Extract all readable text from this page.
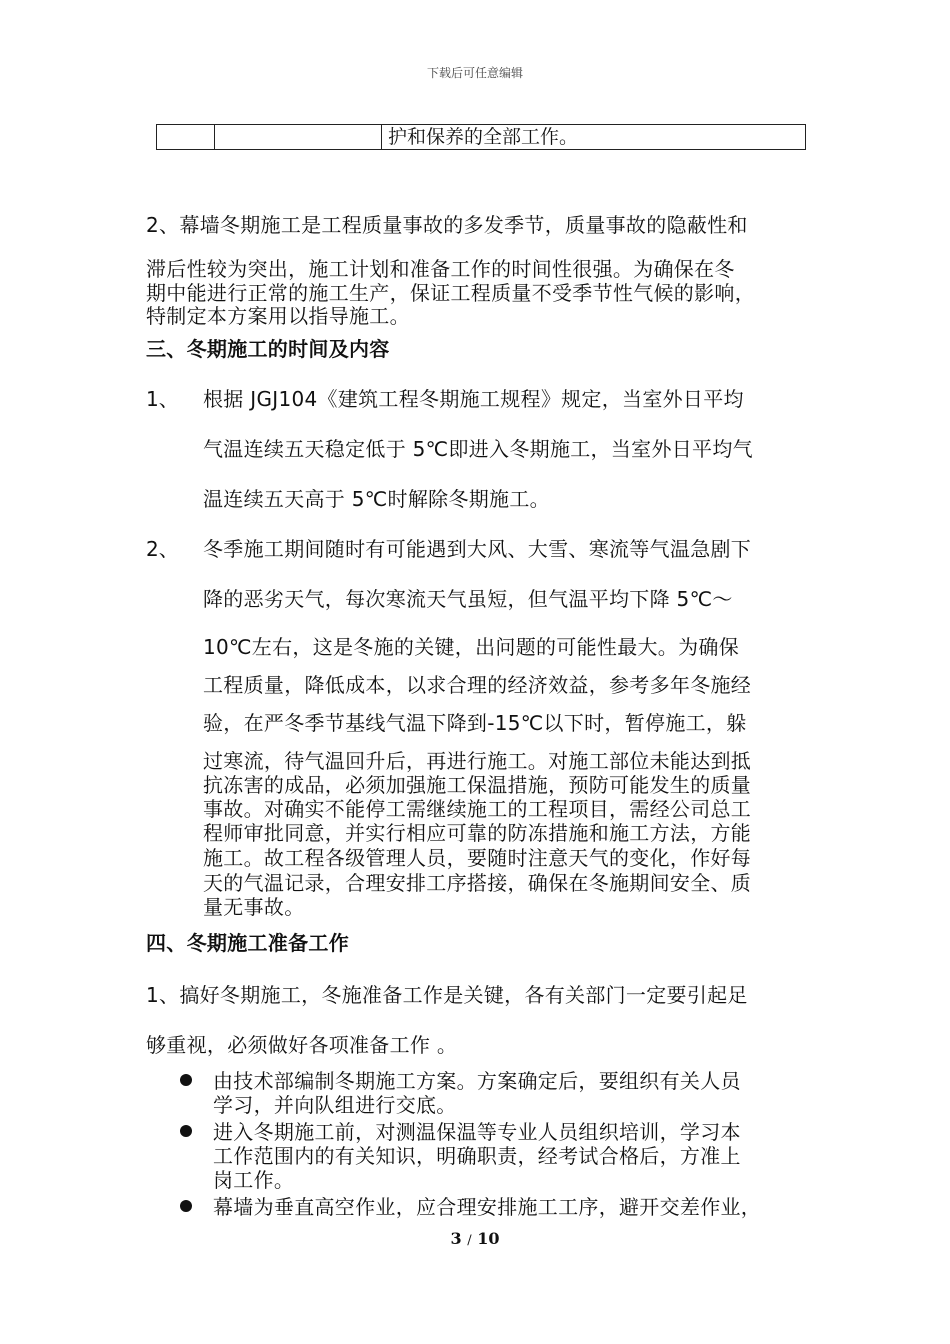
下载后可任意编辑
		护和保养的全部工作。
2、幕墙冬期施工是工程质量事故的多发季节，质量事故的隐蔽性和
滞后性较为突出，施工计划和准备工作的时间性很强。为确保在冬
期中能进行正常的施工生产，保证工程质量不受季节性气候的影响，
特制定本方案用以指导施工。
三、冬期施工的时间及内容
1、 根据 JGJ104《建筑工程冬期施工规程》规定，当室外日平均
气温连续五天稳定低于 5℃即进入冬期施工，当室外日平均气
温连续五天高于 5℃时解除冬期施工。
2、 冬季施工期间随时有可能遇到大风、大雪、寒流等气温急剧下
降的恶劣天气，每次寒流天气虽短，但气温平均下降 5℃～
10℃左右，这是冬施的关键，出问题的可能性最大。为确保
工程质量，降低成本，以求合理的经济效益，参考多年冬施经
验，在严冬季节基线气温下降到-15℃以下时，暂停施工，躲
过寒流，待气温回升后，再进行施工。对施工部位未能达到抵
抗冻害的成品，必须加强施工保温措施，预防可能发生的质量
事故。对确实不能停工需继续施工的工程项目，需经公司总工
程师审批同意，并实行相应可靠的防冻措施和施工方法，方能
施工。故工程各级管理人员，要随时注意天气的变化，作好每
天的气温记录，合理安排工序搭接，确保在冬施期间安全、质
量无事故。
四、冬期施工准备工作
1、搞好冬期施工，冬施准备工作是关键，各有关部门一定要引起足
够重视，必须做好各项准备工作 。
由技术部编制冬期施工方案。方案确定后，要组织有关人员
学习，并向队组进行交底。
进入冬期施工前，对测温保温等专业人员组织培训，学习本
工作范围内的有关知识，明确职责，经考试合格后，方准上
岗工作。
幕墙为垂直高空作业，应合理安排施工工序，避开交差作业，
3 / 10
